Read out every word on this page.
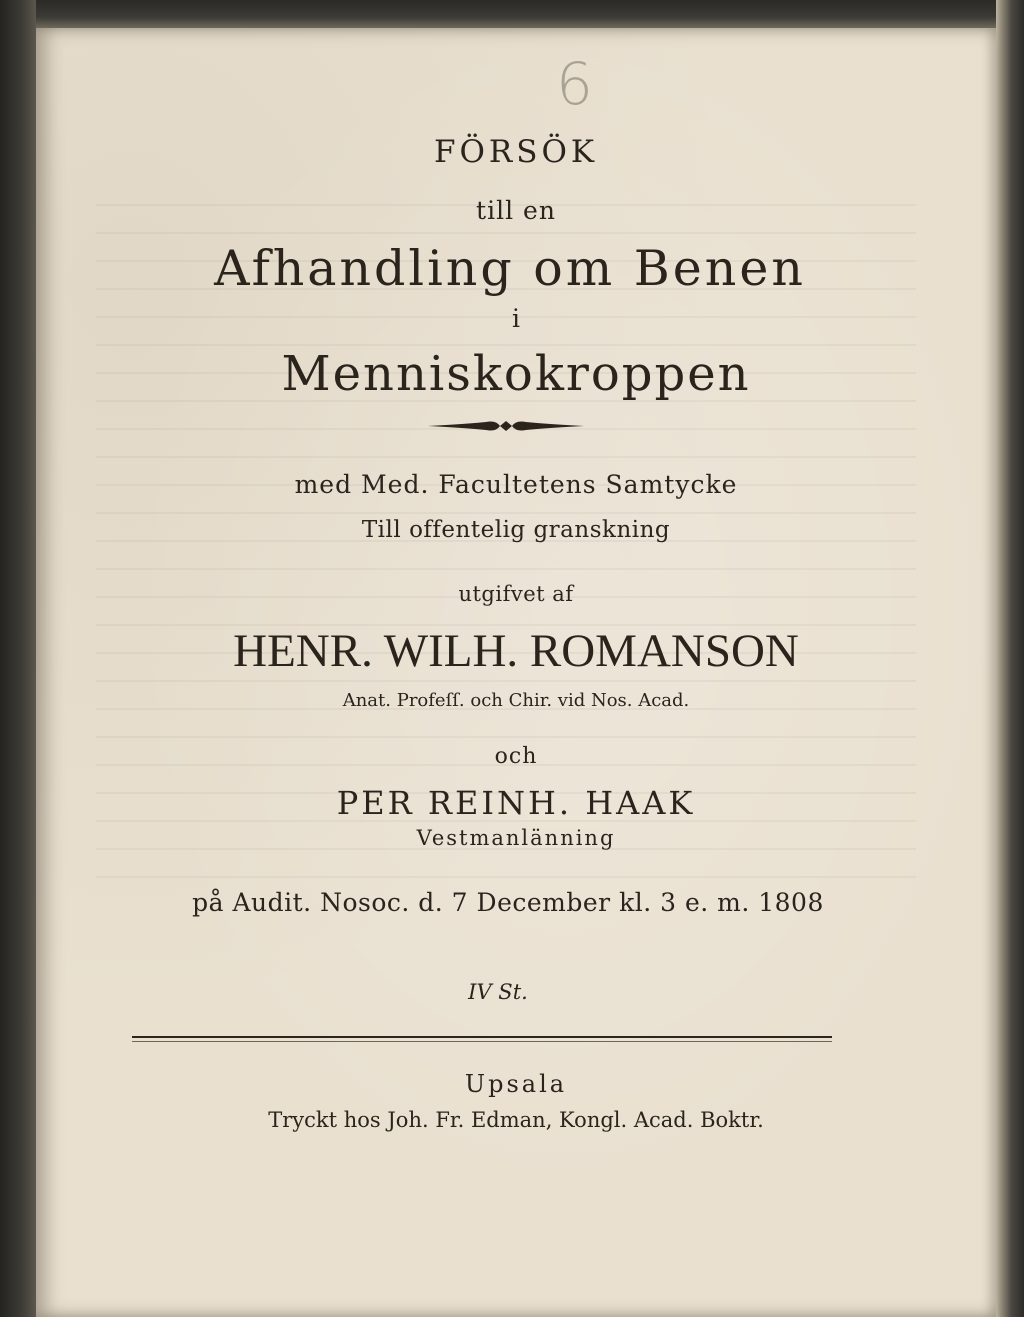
6
FÖRSÖK
till en
Afhandling om Benen
i
Menniskokroppen
med Med. Facultetens Samtycke
Till offentelig granskning
utgifvet af
HENR. WILH. ROMANSON
Anat. Profeſſ. och Chir. vid Nos. Acad.
och
PER REINH. HAAK
Vestmanlänning
på Audit. Nosoc. d. 7 December kl. 3 e. m. 1808
IV St.
Upsala
Tryckt hos Joh. Fr. Edman, Kongl. Acad. Boktr.
